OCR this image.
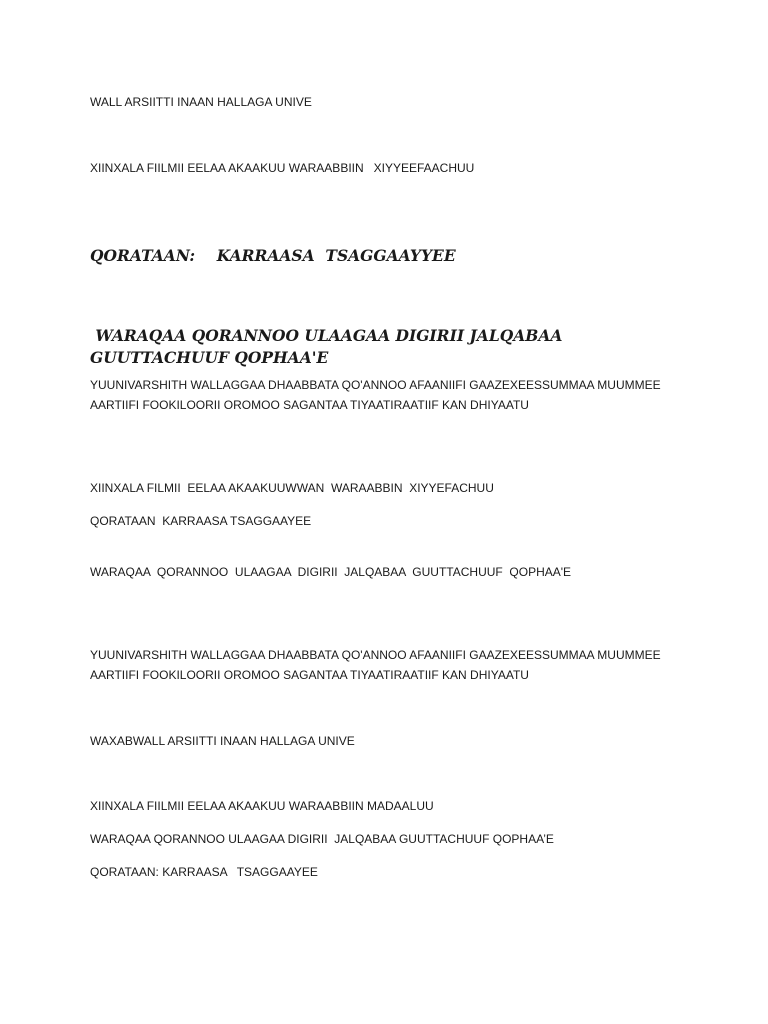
WALL ARSIITTI INAAN HALLAGA UNIVE

XIINXALA FIILMII EELAA AKAAKUU WARAABBIIN   XIYYEEFAACHUU

QORATAAN:    KARRAASA  TSAGGAAYYEE

WARAQAA QORANNOO ULAAGAA DIGIRII JALQABAA GUUTTACHUUF QOPHAA'E

YUUNIVARSHITH WALLAGGAA DHAABBATA QO'ANNOO AFAANIIFI GAAZEXEESSUMMAA MUUMMEE AARTIIFI FOOKILOORII OROMOO SAGANTAA TIYAATIRAATIIF KAN DHIYAATU

XIINXALA FILMII  EELAA AKAAKUUWWAN  WARAABBIN  XIYYEFACHUU

QORATAAN  KARRAASA TSAGGAAYEE

WARAQAA  QORANNOO  ULAAGAA  DIGIRII  JALQABAA  GUUTTACHUUF  QOPHAA'E

YUUNIVARSHITH WALLAGGAA DHAABBATA QO'ANNOO AFAANIIFI GAAZEXEESSUMMAA MUUMMEE AARTIIFI FOOKILOORII OROMOO SAGANTAA TIYAATIRAATIIF KAN DHIYAATU

WAXABWALL ARSIITTI INAAN HALLAGA UNIVE

XIINXALA FIILMII EELAA AKAAKUU WARAABBIIN MADAALUU

WARAQAA QORANNOO ULAAGAA DIGIRII  JALQABAA GUUTTACHUUF QOPHAA’E

QORATAAN: KARRAASA   TSAGGAAYEE
